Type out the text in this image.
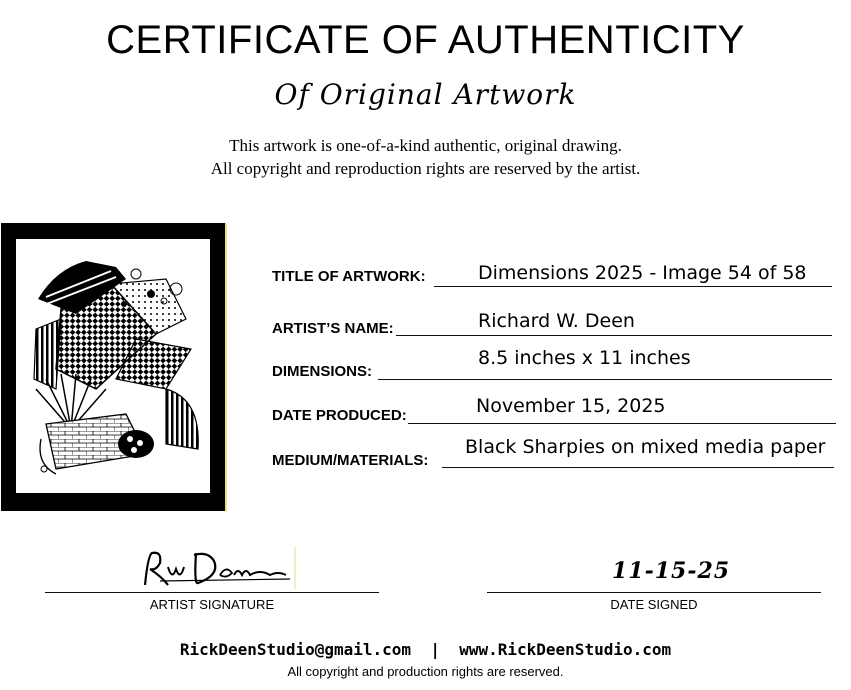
CERTIFICATE OF AUTHENTICITY
Of Original Artwork
This artwork is one-of-a-kind authentic, original drawing.
All copyright and reproduction rights are reserved by the artist.
TITLE OF ARTWORK:	Dimensions 2025 - Image 54 of 58
ARTIST’S NAME:	Richard W. Deen
DIMENSIONS:
8.5 inches x 11 inches
DATE PRODUCED:	November 15, 2025
MEDIUM/MATERIALS:
Black Sharpies on mixed media paper
ARTIST SIGNATURE
11-15-25
DATE SIGNED
RickDeenStudio@gmail.com  |  www.RickDeenStudio.com
All copyright and production rights are reserved.
